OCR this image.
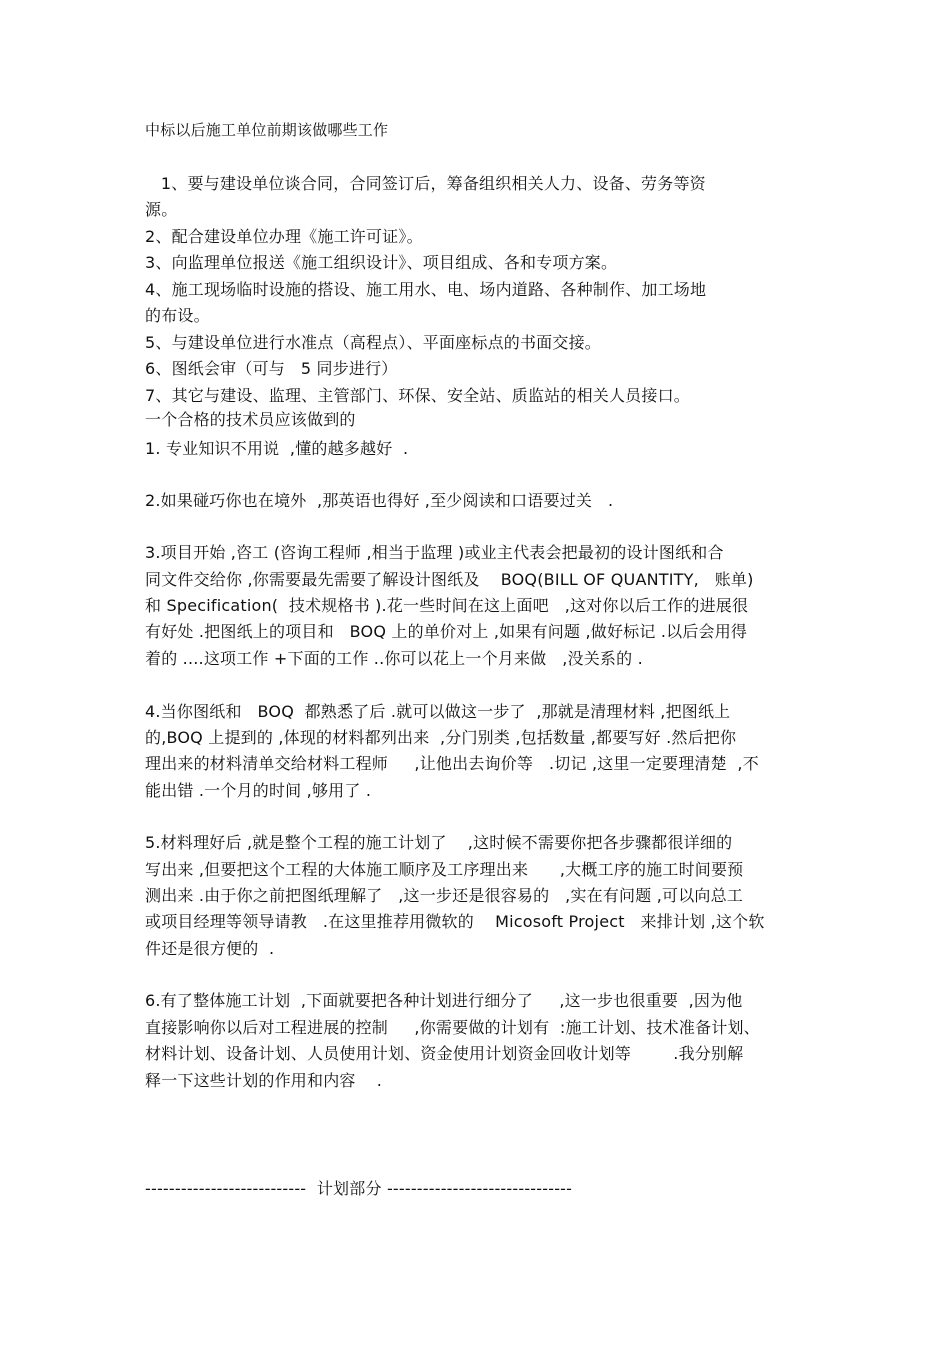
中标以后施工单位前期该做哪些工作
1、要与建设单位谈合同，合同签订后，筹备组织相关人力、设备、劳务等资
源。
2、配合建设单位办理《施工许可证》。
3、向监理单位报送《施工组织设计》、项目组成、各和专项方案。
4、施工现场临时设施的搭设、施工用水、电、场内道路、各种制作、加工场地
的布设。
5、与建设单位进行水准点（高程点）、平面座标点的书面交接。
6、图纸会审（可与   5 同步进行）
7、其它与建设、监理、主管部门、环保、安全站、质监站的相关人员接口。
一个合格的技术员应该做到的
1. 专业知识不用说  ,懂的越多越好  .
2.如果碰巧你也在境外  ,那英语也得好 ,至少阅读和口语要过关   .
3.项目开始 ,咨工 (咨询工程师 ,相当于监理 )或业主代表会把最初的设计图纸和合
同文件交给你 ,你需要最先需要了解设计图纸及    BOQ(BILL OF QUANTITY,   账单)
和 Specification(  技术规格书 ).花一些时间在这上面吧   ,这对你以后工作的进展很
有好处 .把图纸上的项目和   BOQ 上的单价对上 ,如果有问题 ,做好标记 .以后会用得
着的 ....这项工作 +下面的工作 ..你可以花上一个月来做   ,没关系的 .
4.当你图纸和   BOQ  都熟悉了后 .就可以做这一步了  ,那就是清理材料 ,把图纸上
的,BOQ 上提到的 ,体现的材料都列出来  ,分门别类 ,包括数量 ,都要写好 .然后把你
理出来的材料清单交给材料工程师     ,让他出去询价等   .切记 ,这里一定要理清楚  ,不
能出错 .一个月的时间 ,够用了 .
5.材料理好后 ,就是整个工程的施工计划了    ,这时候不需要你把各步骤都很详细的
写出来 ,但要把这个工程的大体施工顺序及工序理出来      ,大概工序的施工时间要预
测出来 .由于你之前把图纸理解了   ,这一步还是很容易的   ,实在有问题 ,可以向总工
或项目经理等领导请教   .在这里推荐用微软的    Micosoft Project   来排计划 ,这个软
件还是很方便的  .
6.有了整体施工计划  ,下面就要把各种计划进行细分了     ,这一步也很重要  ,因为他
直接影响你以后对工程进展的控制     ,你需要做的计划有  :施工计划、技术准备计划、
材料计划、设备计划、人员使用计划、资金使用计划资金回收计划等        .我分别解
释一下这些计划的作用和内容    .
---------------------------  计划部分 -------------------------------
